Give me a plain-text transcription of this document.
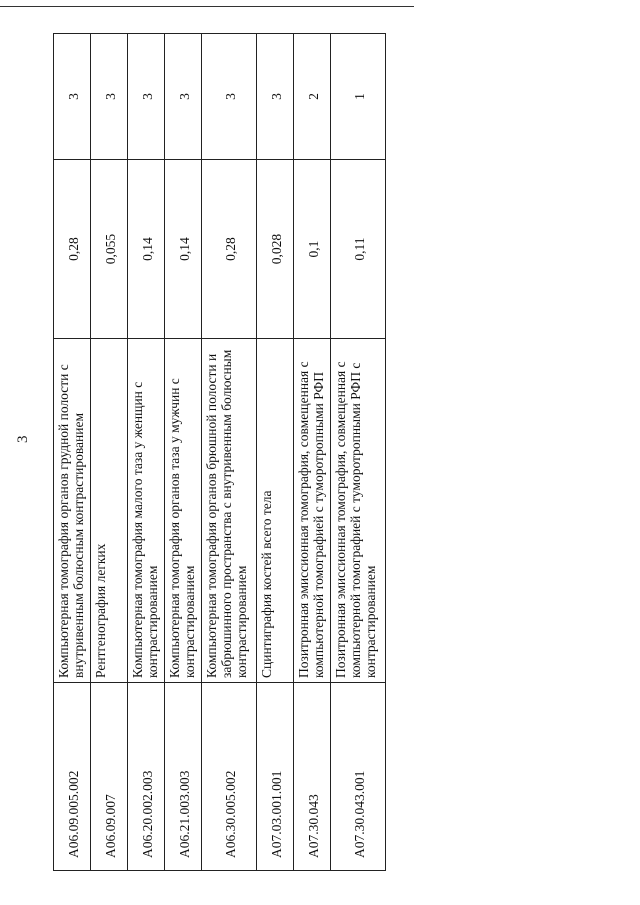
3
A06.09.005.002	Компьютерная томография органов грудной полости с внутривенным болюсным контрастированием	0,28	3
A06.09.007	Рентгенография легких	0,055	3
A06.20.002.003	Компьютерная томография малого таза у женщин с контрастированием	0,14	3
A06.21.003.003	Компьютерная томография органов таза у мужчин с контрастированием	0,14	3
A06.30.005.002	Компьютерная томография органов брюшной полости и забрюшинного пространства с внутривенным болюсным контрастированием	0,28	3
A07.03.001.001	Сцинтиграфия костей всего тела	0,028	3
A07.30.043	Позитронная эмиссионная томография, совмещенная с компьютерной томографией с туморотропными РФП	0,1	2
A07.30.043.001	Позитронная эмиссионная томография, совмещенная с компьютерной томографией с туморотропными РФП с контрастированием	0,11	1
